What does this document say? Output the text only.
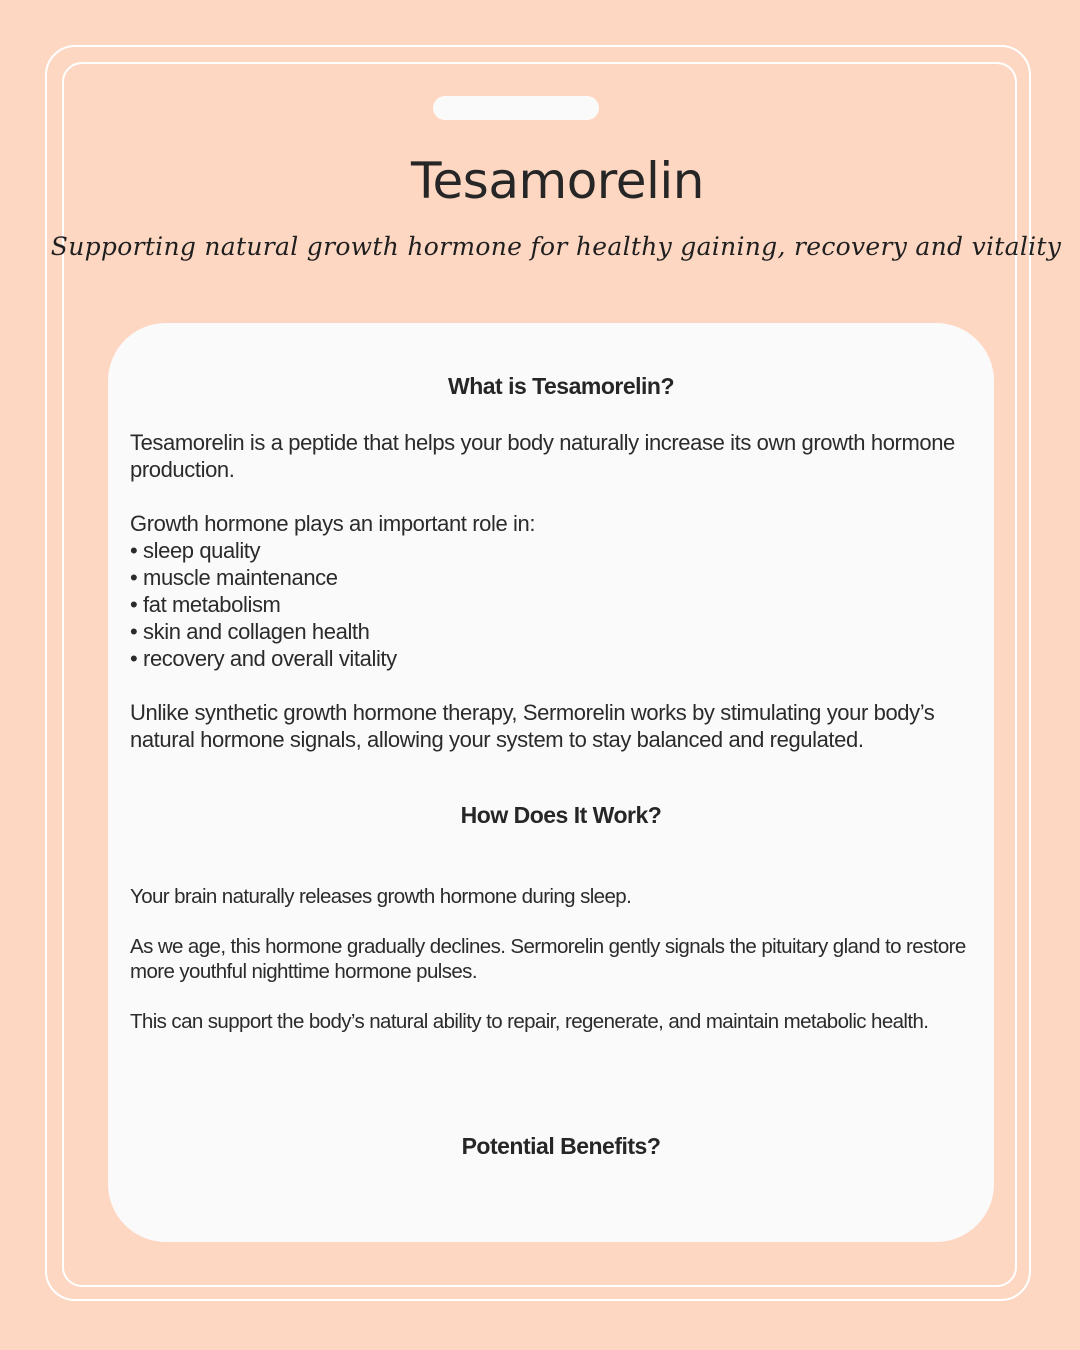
Tesamorelin
Supporting natural growth hormone for healthy gaining, recovery and vitality
What is Tesamorelin?

Tesamorelin is a peptide that helps your body naturally increase its own growth hormone production.

Growth hormone plays an important role in:
• sleep quality
• muscle maintenance
• fat metabolism
• skin and collagen health
• recovery and overall vitality

Unlike synthetic growth hormone therapy, Sermorelin works by stimulating your body’s natural hormone signals, allowing your system to stay balanced and regulated.

How Does It Work?

Your brain naturally releases growth hormone during sleep.

As we age, this hormone gradually declines. Sermorelin gently signals the pituitary gland to restore more youthful nighttime hormone pulses.

This can support the body’s natural ability to repair, regenerate, and maintain metabolic health.

Potential Benefits?
